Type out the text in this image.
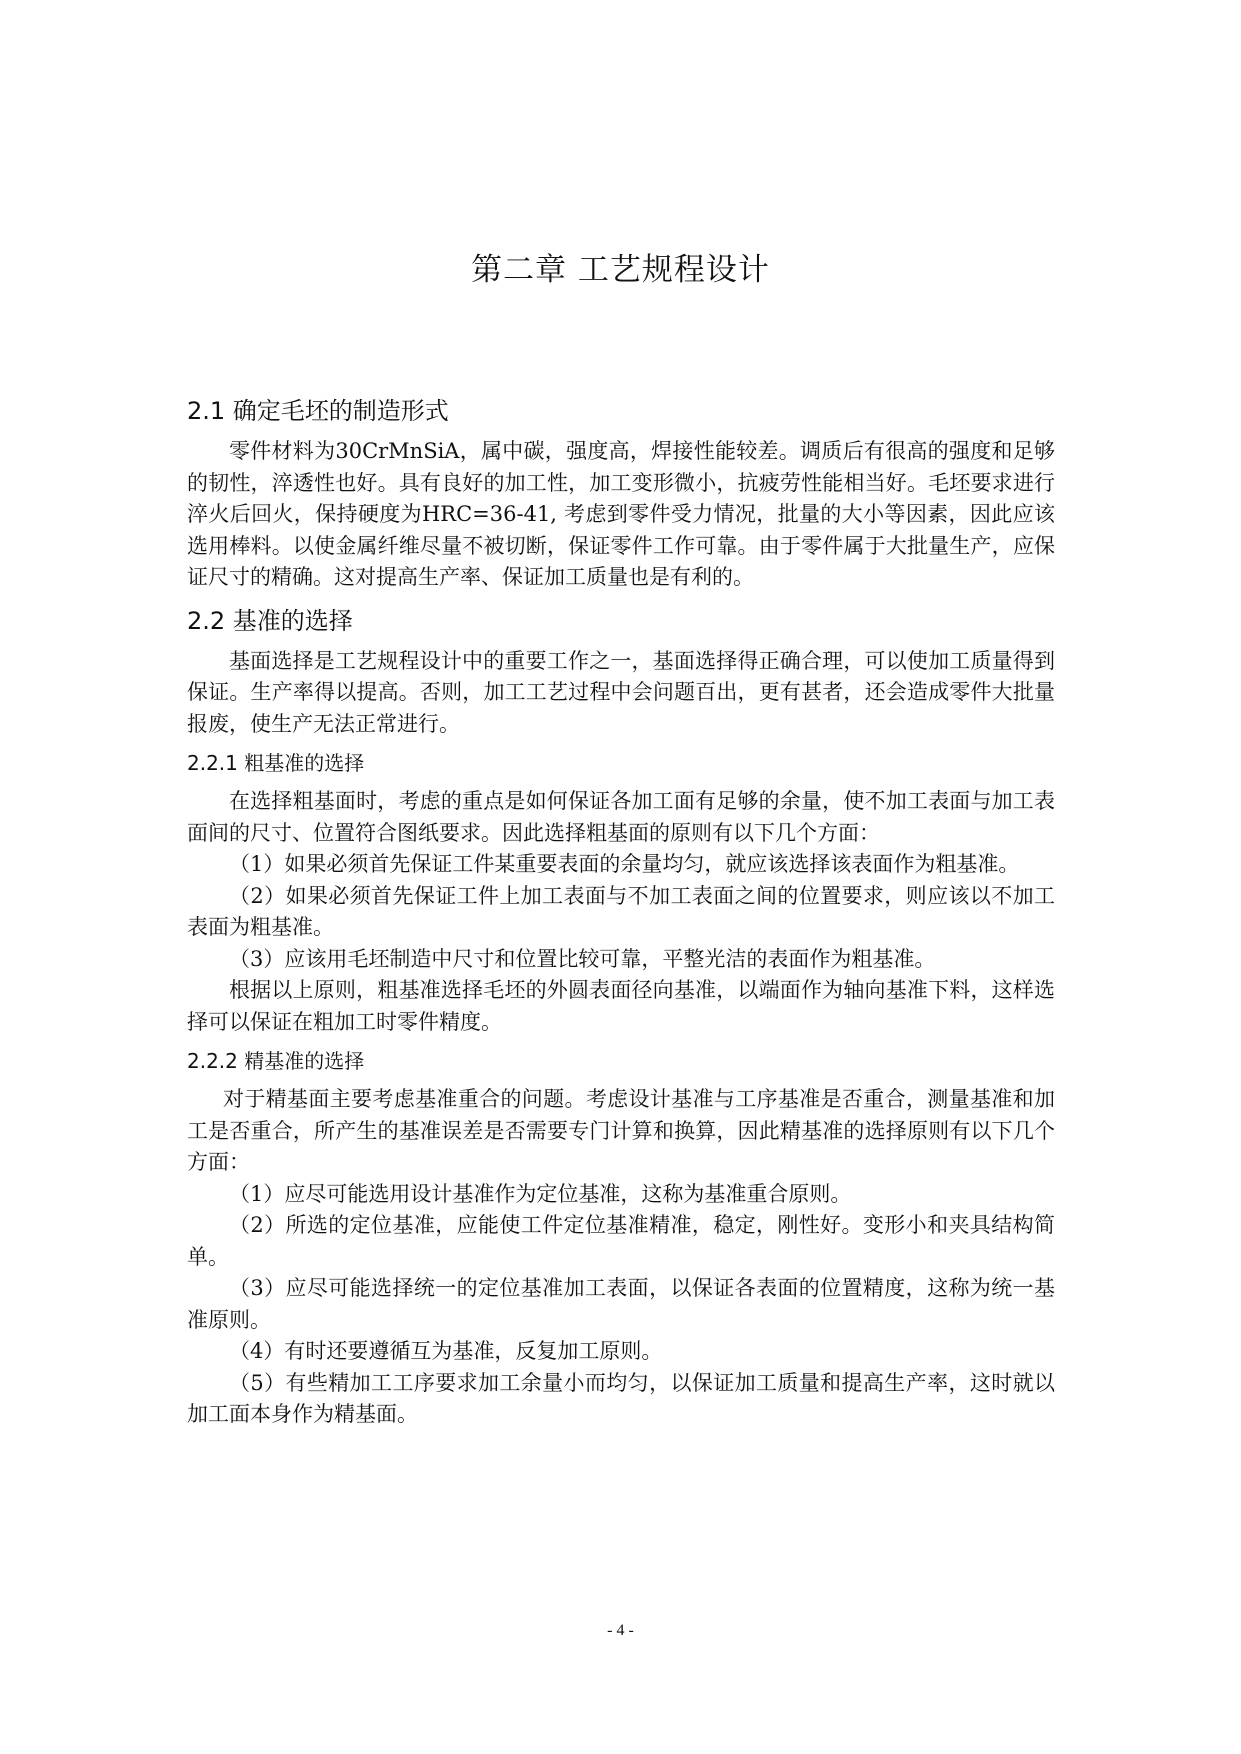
第二章 工艺规程设计
2.1 确定毛坯的制造形式

零件材料为30CrMnSiA，属中碳，强度高，焊接性能较差。调质后有很高的强度和足够的韧性，淬透性也好。具有良好的加工性，加工变形微小，抗疲劳性能相当好。毛坯要求进行淬火后回火，保持硬度为HRC=36-41, 考虑到零件受力情况，批量的大小等因素，因此应该选用棒料。以使金属纤维尽量不被切断，保证零件工作可靠。由于零件属于大批量生产，应保证尺寸的精确。这对提高生产率、保证加工质量也是有利的。

2.2 基准的选择

基面选择是工艺规程设计中的重要工作之一，基面选择得正确合理，可以使加工质量得到保证。生产率得以提高。否则，加工工艺过程中会问题百出，更有甚者，还会造成零件大批量报废，使生产无法正常进行。

2.2.1 粗基准的选择

在选择粗基面时，考虑的重点是如何保证各加工面有足够的余量，使不加工表面与加工表面间的尺寸、位置符合图纸要求。因此选择粗基面的原则有以下几个方面：

（1）如果必须首先保证工件某重要表面的余量均匀，就应该选择该表面作为粗基准。

（2）如果必须首先保证工件上加工表面与不加工表面之间的位置要求，则应该以不加工表面为粗基准。

（3）应该用毛坯制造中尺寸和位置比较可靠，平整光洁的表面作为粗基准。

根据以上原则，粗基准选择毛坯的外圆表面径向基准，以端面作为轴向基准下料，这样选择可以保证在粗加工时零件精度。

2.2.2 精基准的选择

对于精基面主要考虑基准重合的问题。考虑设计基准与工序基准是否重合，测量基准和加工是否重合，所产生的基准误差是否需要专门计算和换算，因此精基准的选择原则有以下几个方面：

（1）应尽可能选用设计基准作为定位基准，这称为基准重合原则。

（2）所选的定位基准，应能使工件定位基准精准，稳定，刚性好。变形小和夹具结构简单。

（3）应尽可能选择统一的定位基准加工表面，以保证各表面的位置精度，这称为统一基准原则。

（4）有时还要遵循互为基准，反复加工原则。

（5）有些精加工工序要求加工余量小而均匀，以保证加工质量和提高生产率，这时就以加工面本身作为精基面。

- 4 -
